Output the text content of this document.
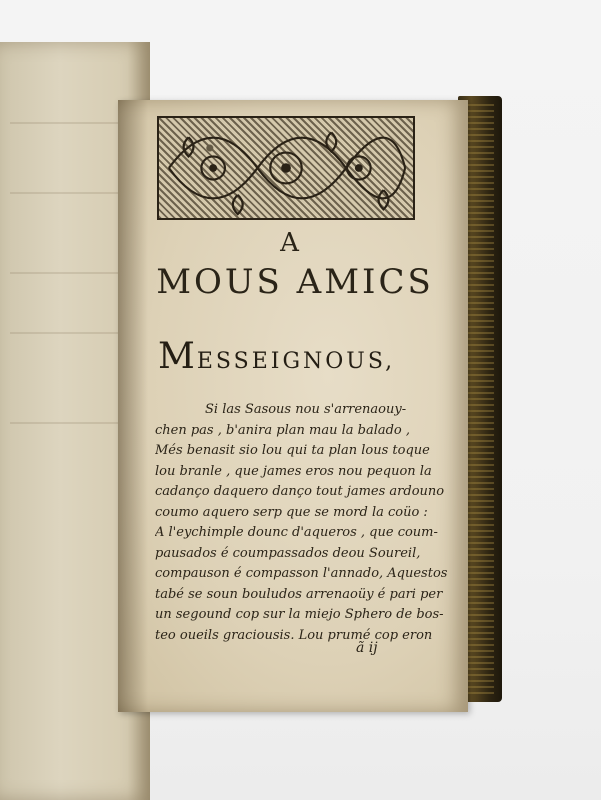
A
MOUS AMICS
MESSEIGNOUS,
Si las Sasous nou s'arrenaouy-
chen pas , b'anira plan mau la balado ,
Més benasit sio lou qui ta plan lous toque
lou branle , que james eros nou pequon la
cadanço daquero danço tout james ardouno
coumo aquero serp que se mord la coüo :
A l'eychimple dounc d'aqueros , que coum-
pausados é coumpassados deou Soureil,
compauson é compasson l'annado, Aquestos
tabé se soun bouludos arrenaoüy é pari per
un segound cop sur la miejo Sphero de bos-
teo oueils graciousis. Lou prumé cop eron
ã ij
